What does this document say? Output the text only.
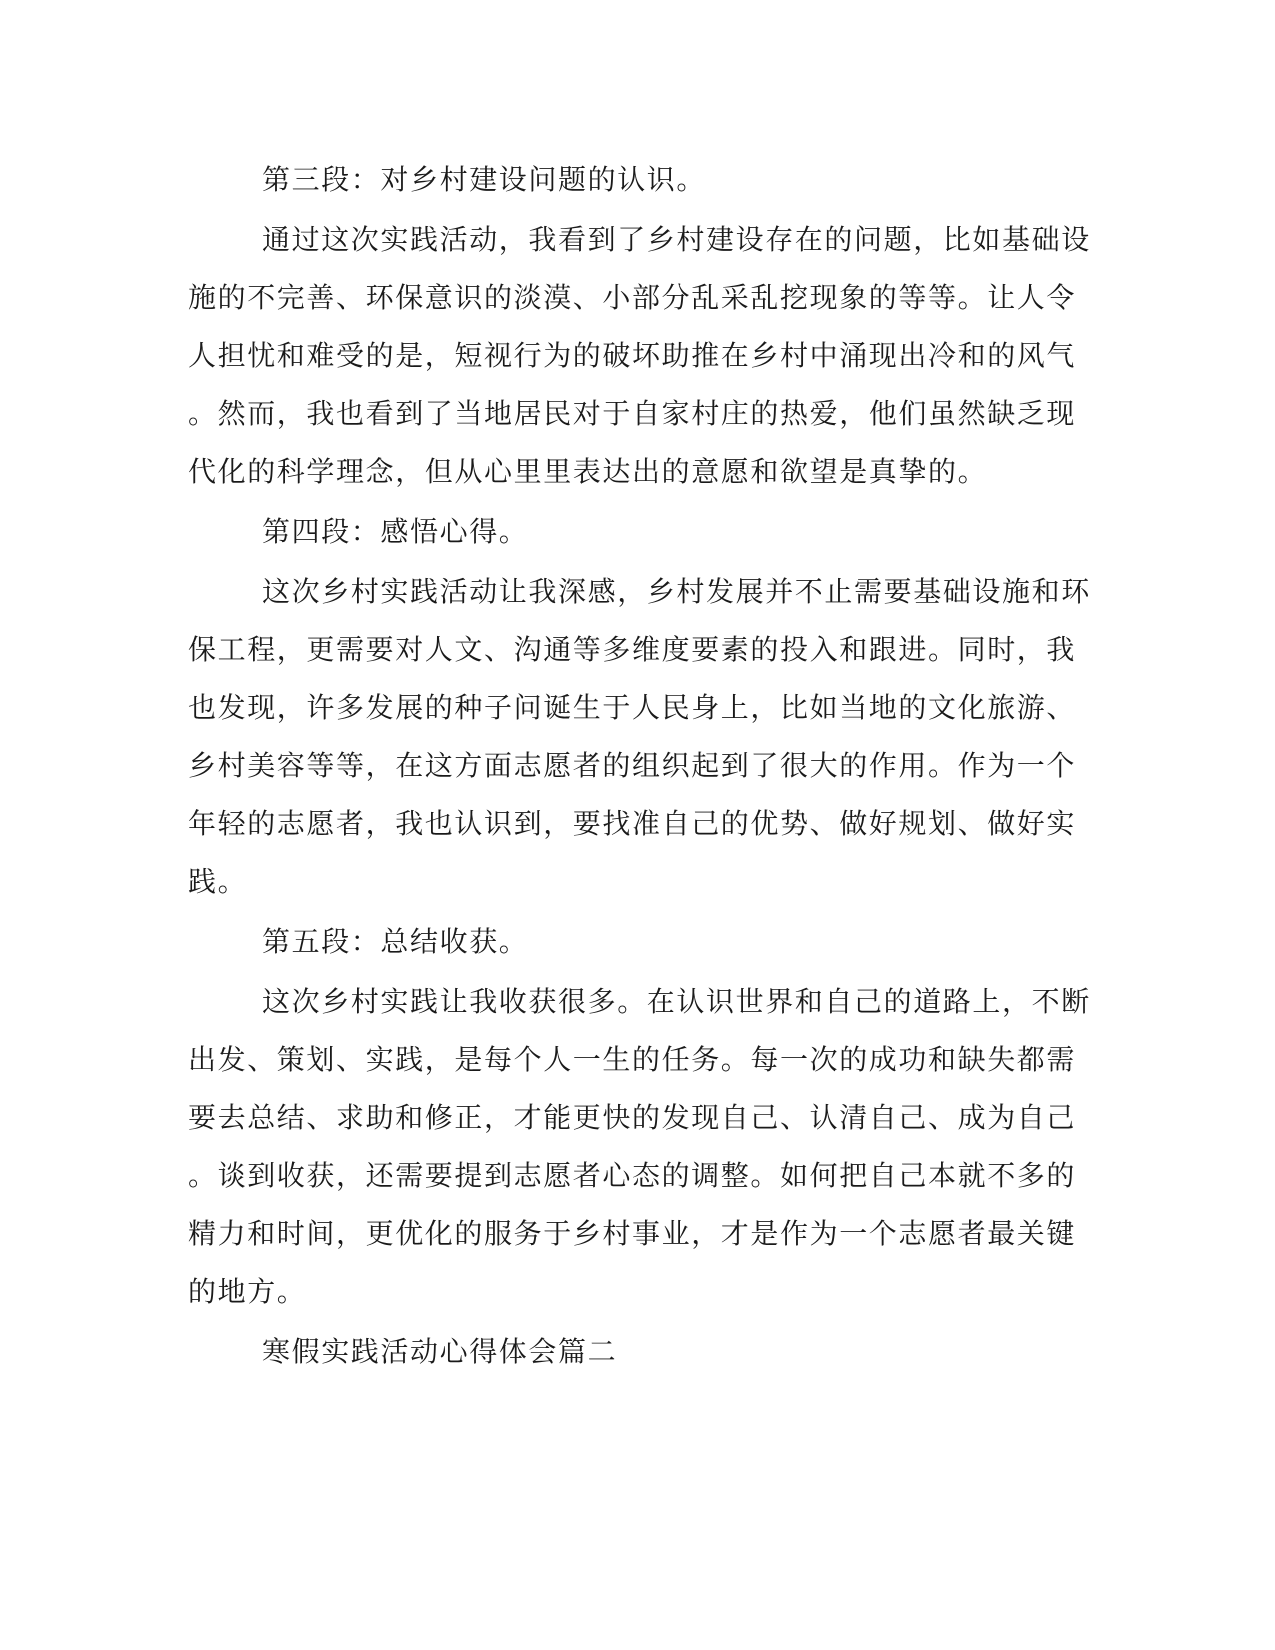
第三段：对乡村建设问题的认识。
通过这次实践活动，我看到了乡村建设存在的问题，比如基础设
施的不完善、环保意识的淡漠、小部分乱采乱挖现象的等等。让人令
人担忧和难受的是，短视行为的破坏助推在乡村中涌现出冷和的风气
。然而，我也看到了当地居民对于自家村庄的热爱，他们虽然缺乏现
代化的科学理念，但从心里里表达出的意愿和欲望是真挚的。
第四段：感悟心得。
这次乡村实践活动让我深感，乡村发展并不止需要基础设施和环
保工程，更需要对人文、沟通等多维度要素的投入和跟进。同时，我
也发现，许多发展的种子问诞生于人民身上，比如当地的文化旅游、
乡村美容等等，在这方面志愿者的组织起到了很大的作用。作为一个
年轻的志愿者，我也认识到，要找准自己的优势、做好规划、做好实
践。
第五段：总结收获。
这次乡村实践让我收获很多。在认识世界和自己的道路上，不断
出发、策划、实践，是每个人一生的任务。每一次的成功和缺失都需
要去总结、求助和修正，才能更快的发现自己、认清自己、成为自己
。谈到收获，还需要提到志愿者心态的调整。如何把自己本就不多的
精力和时间，更优化的服务于乡村事业，才是作为一个志愿者最关键
的地方。
寒假实践活动心得体会篇二
